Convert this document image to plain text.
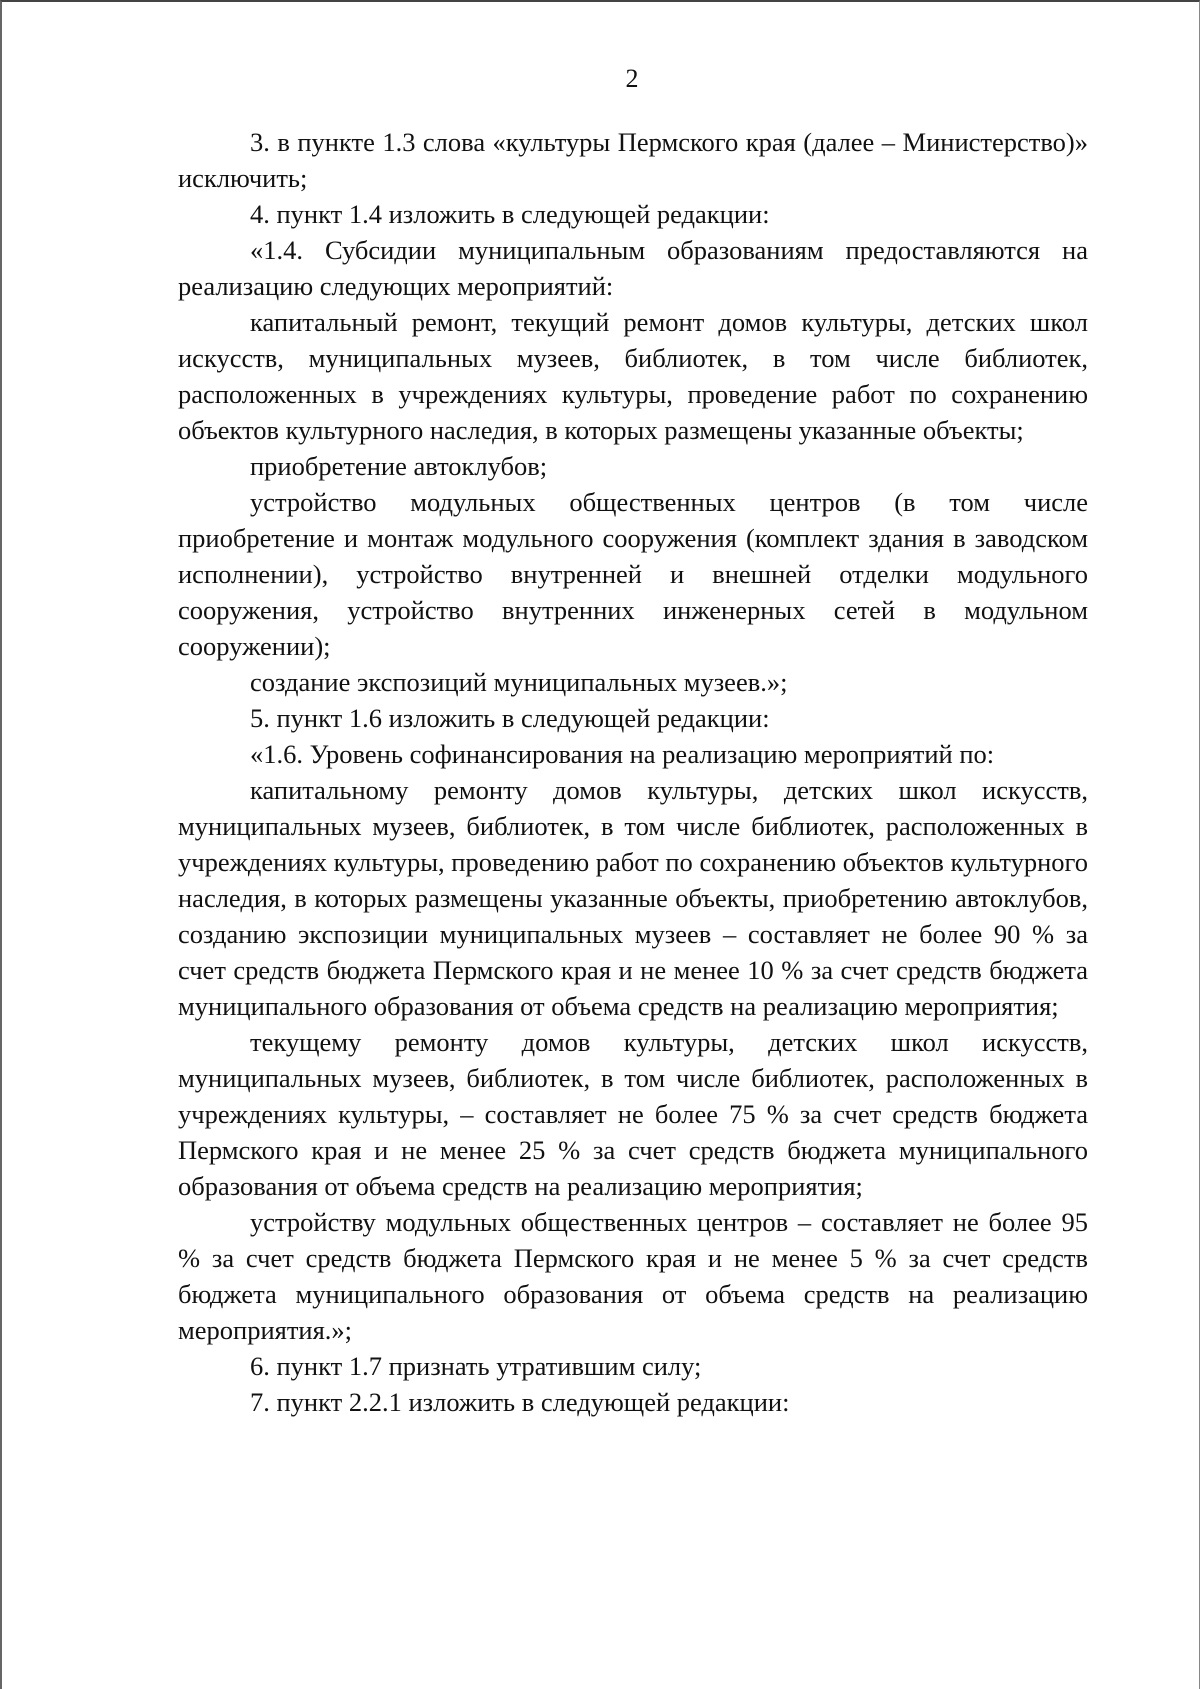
2

3. в пункте 1.3 слова «культуры Пермского края (далее – Министерство)» исключить;

4. пункт 1.4 изложить в следующей редакции:

«1.4. Субсидии муниципальным образованиям предоставляются на реализацию следующих мероприятий:

капитальный ремонт, текущий ремонт домов культуры, детских школ искусств, муниципальных музеев, библиотек, в том числе библиотек, расположенных в учреждениях культуры, проведение работ по сохранению объектов культурного наследия, в которых размещены указанные объекты;

приобретение автоклубов;

устройство модульных общественных центров (в том числе приобретение и монтаж модульного сооружения (комплект здания в заводском исполнении), устройство внутренней и внешней отделки модульного сооружения, устройство внутренних инженерных сетей в модульном сооружении);

создание экспозиций муниципальных музеев.»;

5. пункт 1.6 изложить в следующей редакции:

«1.6. Уровень софинансирования на реализацию мероприятий по:

капитальному ремонту домов культуры, детских школ искусств, муниципальных музеев, библиотек, в том числе библиотек, расположенных в учреждениях культуры, проведению работ по сохранению объектов культурного наследия, в которых размещены указанные объекты, приобретению автоклубов, созданию экспозиции муниципальных музеев – составляет не более 90 % за счет средств бюджета Пермского края и не менее 10 % за счет средств бюджета муниципального образования от объема средств на реализацию мероприятия;

текущему ремонту домов культуры, детских школ искусств, муниципальных музеев, библиотек, в том числе библиотек, расположенных в учреждениях культуры, – составляет не более 75 % за счет средств бюджета Пермского края и не менее 25 % за счет средств бюджета муниципального образования от объема средств на реализацию мероприятия;

устройству модульных общественных центров – составляет не более 95 % за счет средств бюджета Пермского края и не менее 5 % за счет средств бюджета муниципального образования от объема средств на реализацию мероприятия.»;

6. пункт 1.7 признать утратившим силу;

7. пункт 2.2.1 изложить в следующей редакции:
